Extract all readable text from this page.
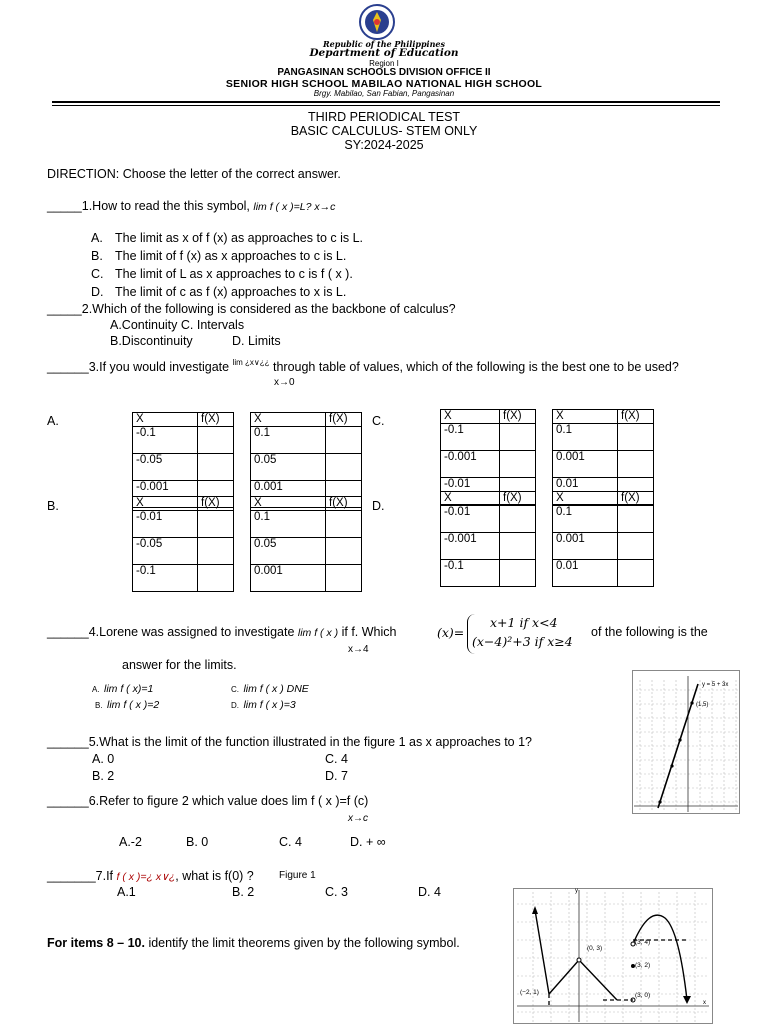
Republic of the Philippines
Department of Education
Region I
PANGASINAN SCHOOLS DIVISION OFFICE II
SENIOR HIGH SCHOOL MABILAO NATIONAL HIGH SCHOOL
Brgy. Mabilao, San Fabian, Pangasinan
THIRD PERIODICAL TEST
BASIC CALCULUS- STEM ONLY
SY:2024-2025
DIRECTION: Choose the letter of the correct answer.
_____1.How to read the this symbol, lim f ( x )=L? x→c
A. The limit as x of f (x) as approaches to c is L.
B. The limit of f (x) as x approaches to c is L.
C. The limit of L as x approaches to c is f ( x ).
D. The limit of c as f (x) approaches to x is L.
_____2.Which of the following is considered as the backbone of calculus?
A.Continuity C. Intervals
B.Discontinuity	D. Limits
______3.If you would investigate $^{lim ¿x\vee¿¿}$ through table of values, which of the following is the best one to be used?
x→0
A.
B.
C.
D.
X	f(X)
-0.1	
-0.05	
-0.001	
X	f(X)
0.1	
0.05	
0.001	
X	f(X)
-0.01	
-0.05	
-0.1	
X	f(X)
0.1	
0.05	
0.001	
X	f(X)
-0.1	
-0.001	
-0.01	
X	f(X)
0.1	
0.001	
0.01	
X	f(X)
-0.01	
-0.001	
-0.1	
X	f(X)
0.1	
0.001	
0.01	
______4.Lorene was assigned to investigate lim f ( x ) if f. Which
x→4
(x)=
x+1 if x<4
(x−4)²+3 if x≥4
of the following is the
answer for the limits.
A. lim f ( x)=1	C. lim f ( x ) DNE
B. lim f ( x )=2	D. lim f ( x )=3
y = 5 + 3x
(1,5)
______5.What is the limit of the function illustrated in the figure 1 as x approaches to 1?
A. 0	C. 4
B. 2	D. 7
______6.Refer to figure 2 which value does lim f ( x )=f (c)
x→c
A.-2	B. 0	C. 4	D. + ∞
_______7.If f ( x )=¿ x∨¿, what is f(0) ?	Figure 1
A.1	B. 2	C. 3	D. 4
For items 8 – 10. identify the limit theorems given by the following symbol.	(0, 3)
(3, 4)
(3, 2)
(3, 0)
(−2, 1)
y
x
